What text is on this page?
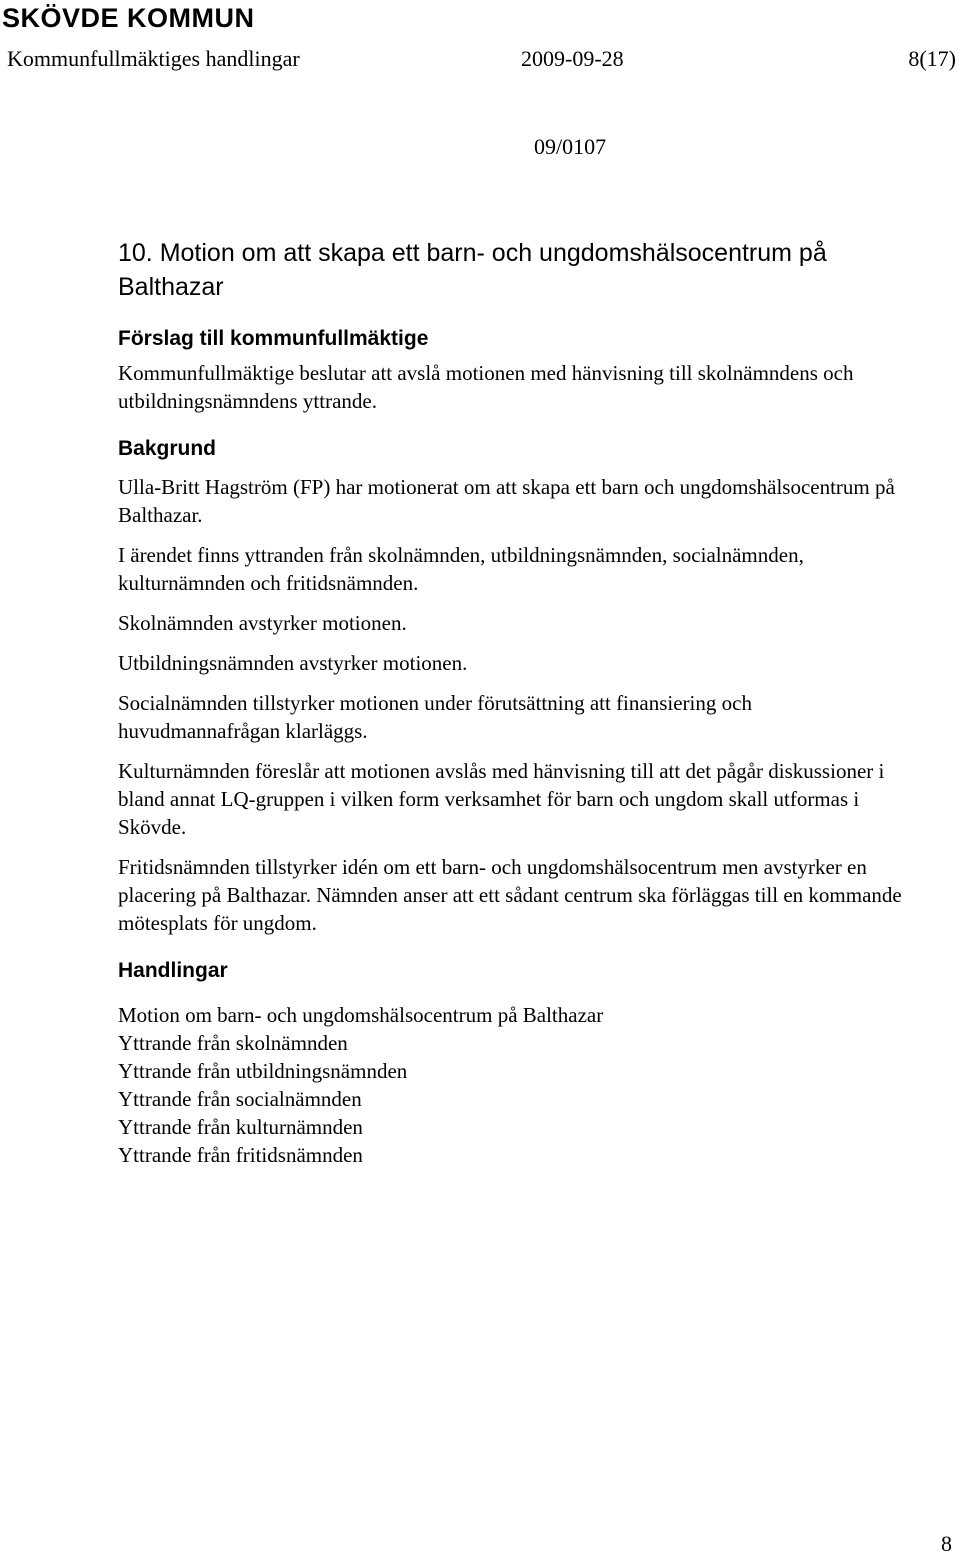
SKÖVDE KOMMUN
Kommunfullmäktiges handlingar	2009-09-28	8(17)
09/0107
10. Motion om att skapa ett barn- och ungdomshälsocentrum på Balthazar
Förslag till kommunfullmäktige

Kommunfullmäktige beslutar att avslå motionen med hänvisning till skolnämndens och utbildningsnämndens yttrande.

Bakgrund

Ulla-Britt Hagström (FP) har motionerat om att skapa ett barn och ungdomshälsocentrum på Balthazar.

I ärendet finns yttranden från skolnämnden, utbildningsnämnden, socialnämnden, kulturnämnden och fritidsnämnden.

Skolnämnden avstyrker motionen.

Utbildningsnämnden avstyrker motionen.

Socialnämnden tillstyrker motionen under förutsättning att finansiering och huvudmannafrågan klarläggs.

Kulturnämnden föreslår att motionen avslås med hänvisning till att det pågår diskussioner i bland annat LQ-gruppen i vilken form verksamhet för barn och ungdom skall utformas i Skövde.

Fritidsnämnden tillstyrker idén om ett barn- och ungdomshälsocentrum men avstyrker en placering på Balthazar. Nämnden anser att ett sådant centrum ska förläggas till en kommande mötesplats för ungdom.

Handlingar
Motion om barn- och ungdomshälsocentrum på Balthazar
Yttrande från skolnämnden
Yttrande från utbildningsnämnden
Yttrande från socialnämnden
Yttrande från kulturnämnden
Yttrande från fritidsnämnden
8
